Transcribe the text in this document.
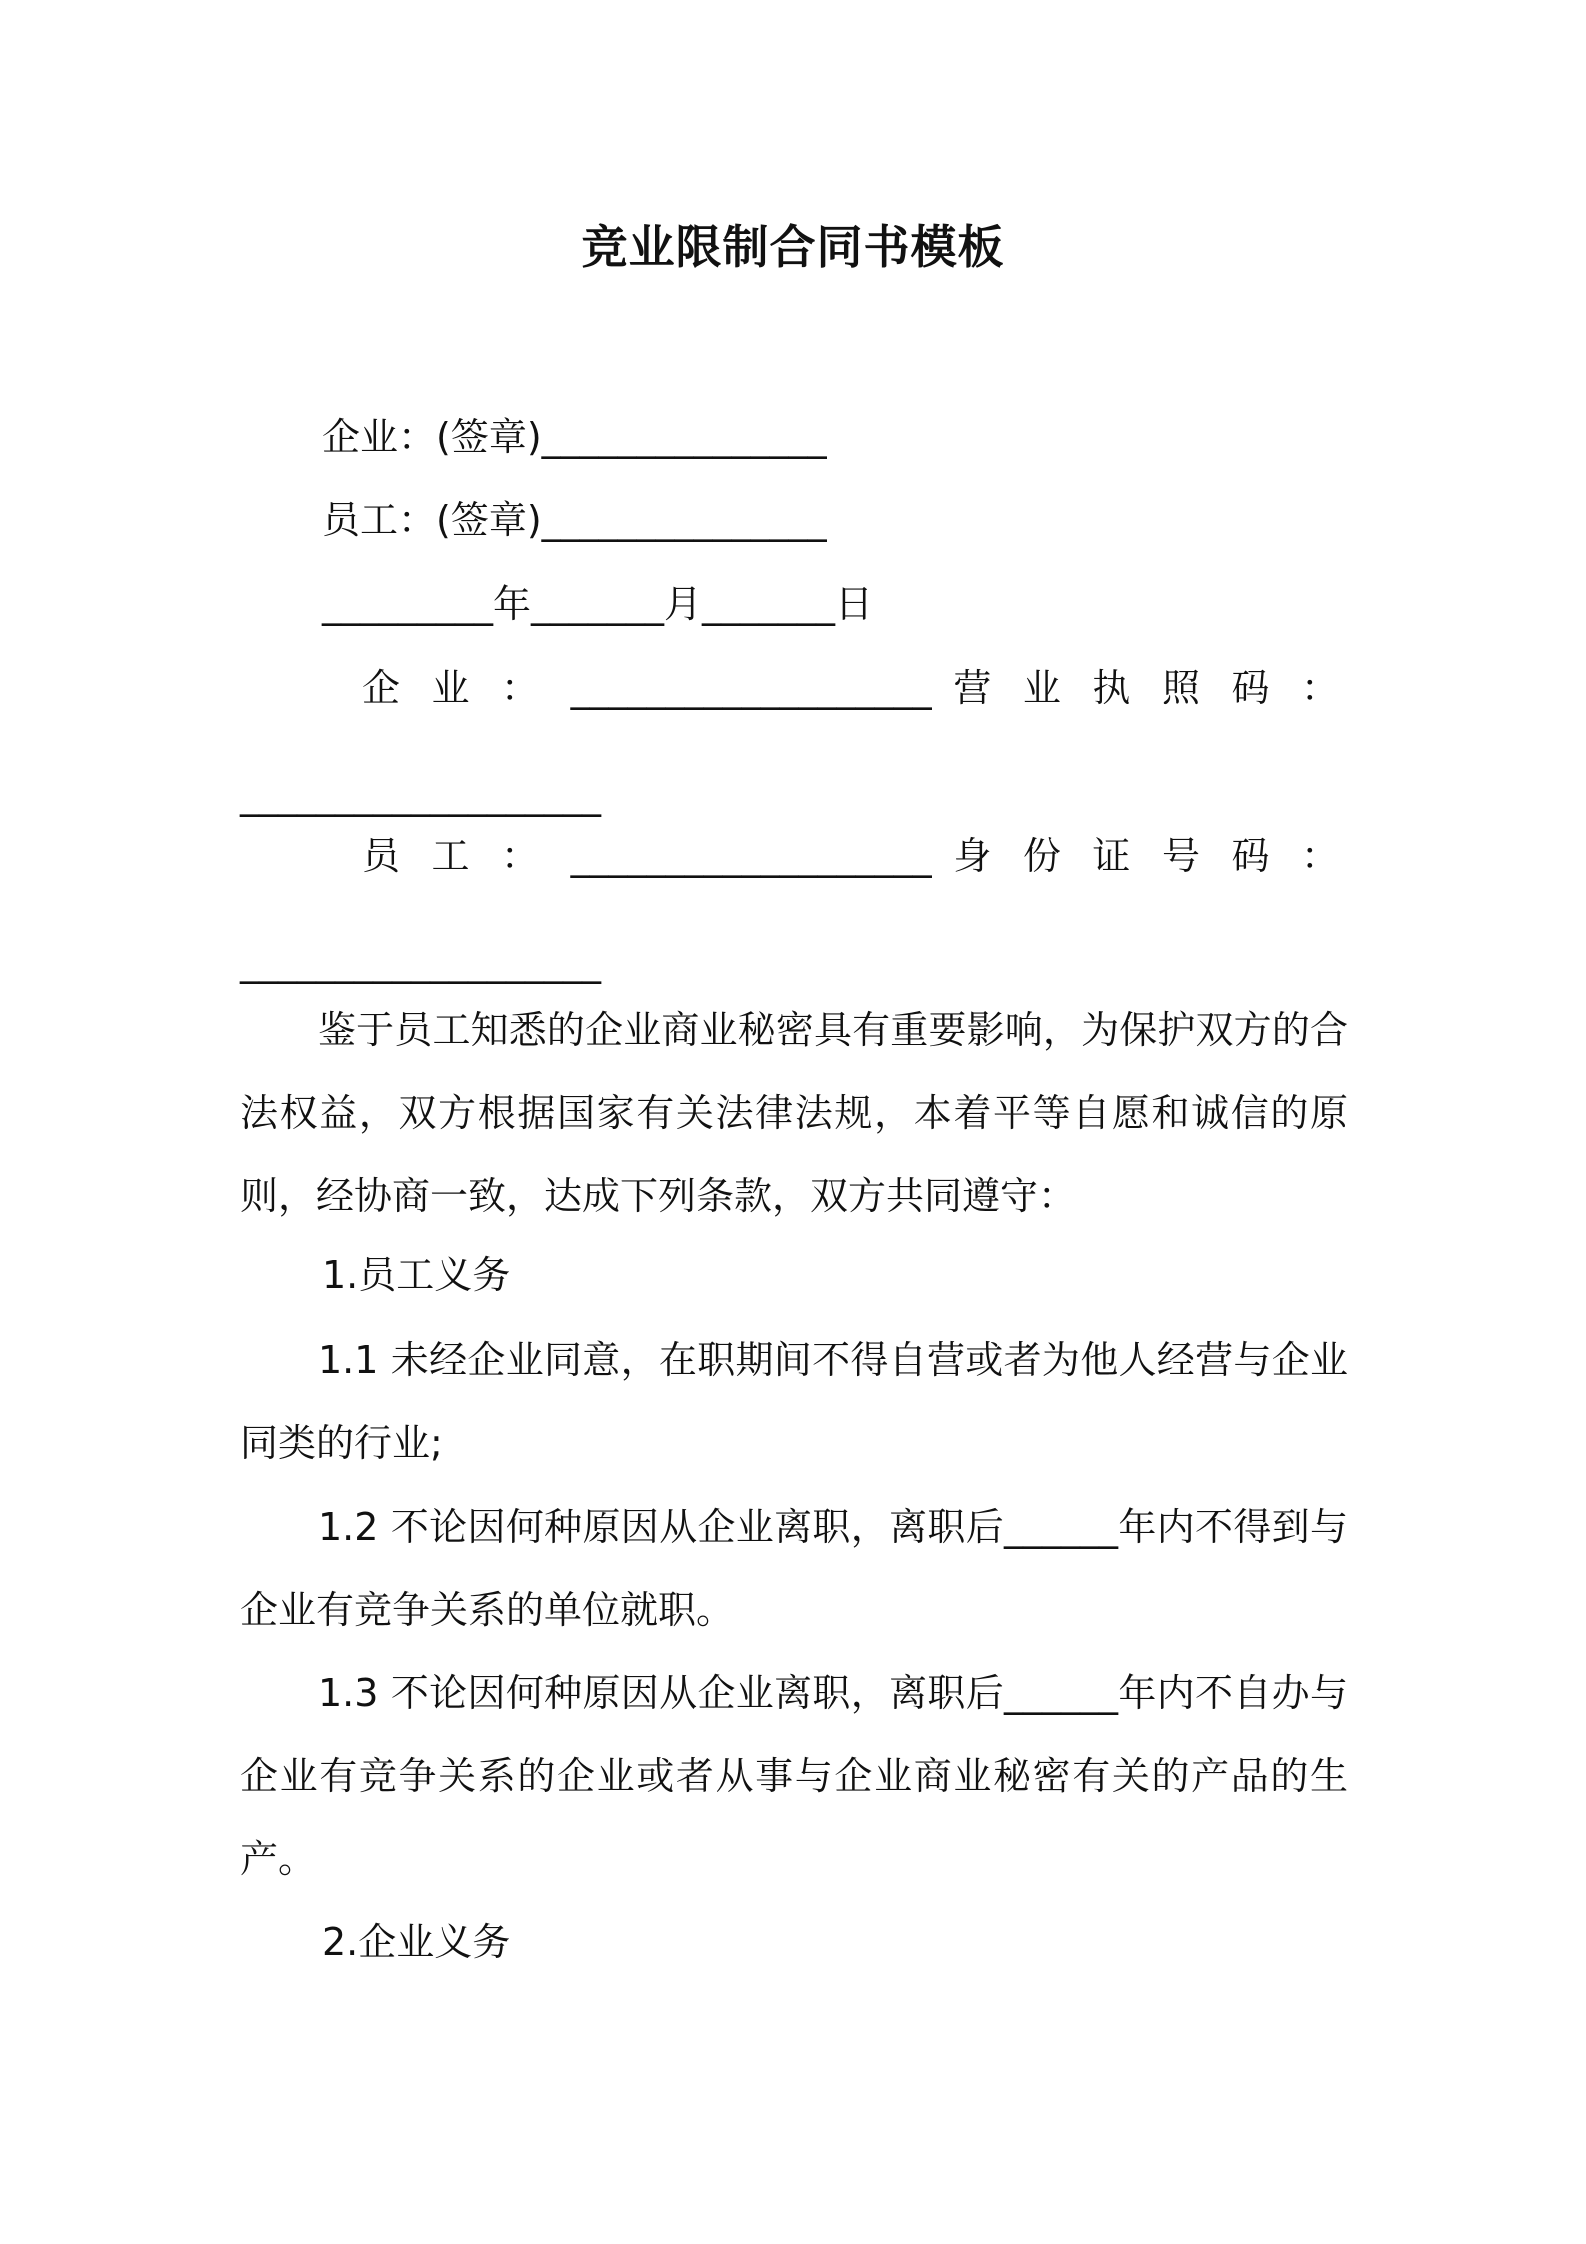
竞业限制合同书模板
企业：(签章)_______________
员工：(签章)_______________
_________年_______月_______日
企 业 ： ___________________ 营 业 执 照 码 ：
___________________
员 工 ： ___________________ 身 份 证 号 码 ：
___________________

鉴于员工知悉的企业商业秘密具有重要影响，为保护双方的合法权益，双方根据国家有关法律法规，本着平等自愿和诚信的原则，经协商一致，达成下列条款，双方共同遵守：

1.员工义务

1.1 未经企业同意，在职期间不得自营或者为他人经营与企业同类的行业;

1.2 不论因何种原因从企业离职，离职后______年内不得到与企业有竞争关系的单位就职。

1.3 不论因何种原因从企业离职，离职后______年内不自办与企业有竞争关系的企业或者从事与企业商业秘密有关的产品的生产。

2.企业义务
